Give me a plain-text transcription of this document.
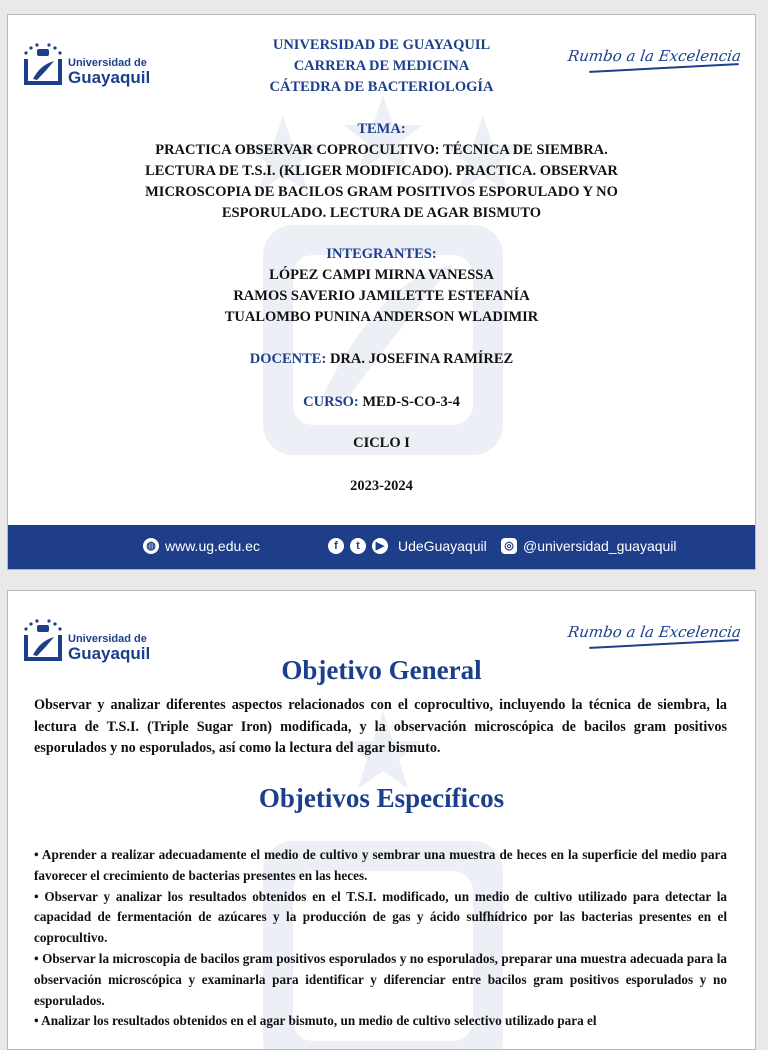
Universidad de
Guayaquil
Rumbo a la Excelencia
UNIVERSIDAD DE GUAYAQUIL
CARRERA DE MEDICINA
CÁTEDRA DE BACTERIOLOGÍA
TEMA:
PRACTICA OBSERVAR COPROCULTIVO: TÉCNICA DE SIEMBRA.
LECTURA DE T.S.I. (KLIGER MODIFICADO). PRACTICA. OBSERVAR
MICROSCOPIA DE BACILOS GRAM POSITIVOS ESPORULADO Y NO
ESPORULADO. LECTURA DE AGAR BISMUTO
INTEGRANTES:
LÓPEZ CAMPI MIRNA VANESSA
RAMOS SAVERIO JAMILETTE ESTEFANÍA
TUALOMBO PUNINA ANDERSON WLADIMIR
DOCENTE: DRA. JOSEFINA RAMÍREZ
CURSO: MED-S-CO-3-4
CICLO I
2023-2024
◍ www.ug.edu.ec	f	t	▶ UdeGuayaquil ◎ @universidad_guayaquil
Universidad de
Guayaquil
Rumbo a la Excelencia
Objetivo General
Observar y analizar diferentes aspectos relacionados con el coprocultivo, incluyendo la técnica de siembra, la lectura de T.S.I. (Triple Sugar Iron) modificada, y la observación microscópica de bacilos gram positivos esporulados y no esporulados, así como la lectura del agar bismuto.
Objetivos Específicos

• Aprender a realizar adecuadamente el medio de cultivo y sembrar una muestra de heces en la superficie del medio para favorecer el crecimiento de bacterias presentes en las heces.

• Observar y analizar los resultados obtenidos en el T.S.I. modificado, un medio de cultivo utilizado para detectar la capacidad de fermentación de azúcares y la producción de gas y ácido sulfhídrico por las bacterias presentes en el coprocultivo.

• Observar la microscopia de bacilos gram positivos esporulados y no esporulados, preparar una muestra adecuada para la observación microscópica y examinarla para identificar y diferenciar entre bacilos gram positivos esporulados y no esporulados.

• Analizar los resultados obtenidos en el agar bismuto, un medio de cultivo selectivo utilizado para el
